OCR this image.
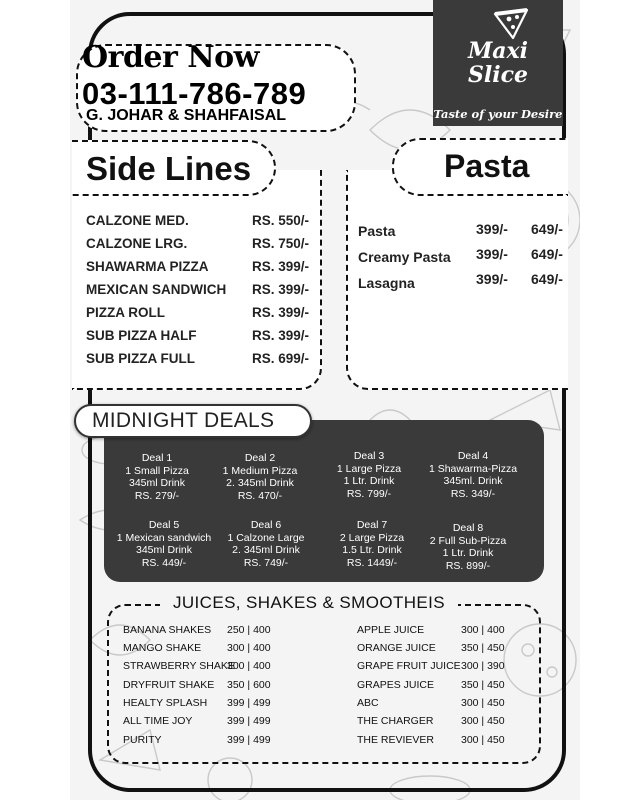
Order Now
03-111-786-789
G. JOHAR & SHAHFAISAL
Maxi
Slice
Taste of your Desire
Side Lines
CALZONE MED.	RS. 550/-
CALZONE LRG.	RS. 750/-
SHAWARMA PIZZA	RS. 399/-
MEXICAN SANDWICH RS. 399/-
PIZZA ROLL	RS. 399/-
SUB PIZZA HALF	RS. 399/-
SUB PIZZA FULL	RS. 699/-
Pasta
Pasta	399/- 649/-
Creamy Pasta 399/- 649/-
Lasagna	399/- 649/-
MIDNIGHT DEALS
Deal 1
1 Small Pizza
345ml Drink
RS. 279/-
Deal 2
1 Medium Pizza
2. 345ml Drink
RS. 470/-
Deal 3
1 Large Pizza
1 Ltr. Drink
RS. 799/-
Deal 4
1 Shawarma-Pizza
345ml. Drink
RS. 349/-
Deal 5
1 Mexican sandwich
345ml Drink
RS. 449/-
Deal 6
1 Calzone Large
2. 345ml Drink
RS. 749/-
Deal 7
2 Large Pizza
1.5 Ltr. Drink
RS. 1449/-
Deal 8
2 Full Sub-Pizza
1 Ltr. Drink
RS. 899/-
JUICES, SHAKES & SMOOTHEIS
BANANA SHAKES 250 | 400
MANGO SHAKE 300 | 400
STRAWBERRY SHAKE
300 | 400
DRYFRUIT SHAKE 350 | 600
HEALTY SPLASH 399 | 499
ALL TIME JOY	399 | 499
PURITY	399 | 499
APPLE JUICE	300 | 400
ORANGE JUICE 350 | 450
GRAPE FRUIT JUICE 300 | 390
GRAPES JUICE	350 | 450
ABC	300 | 450
THE CHARGER	300 | 450
THE REVIEVER	300 | 450
